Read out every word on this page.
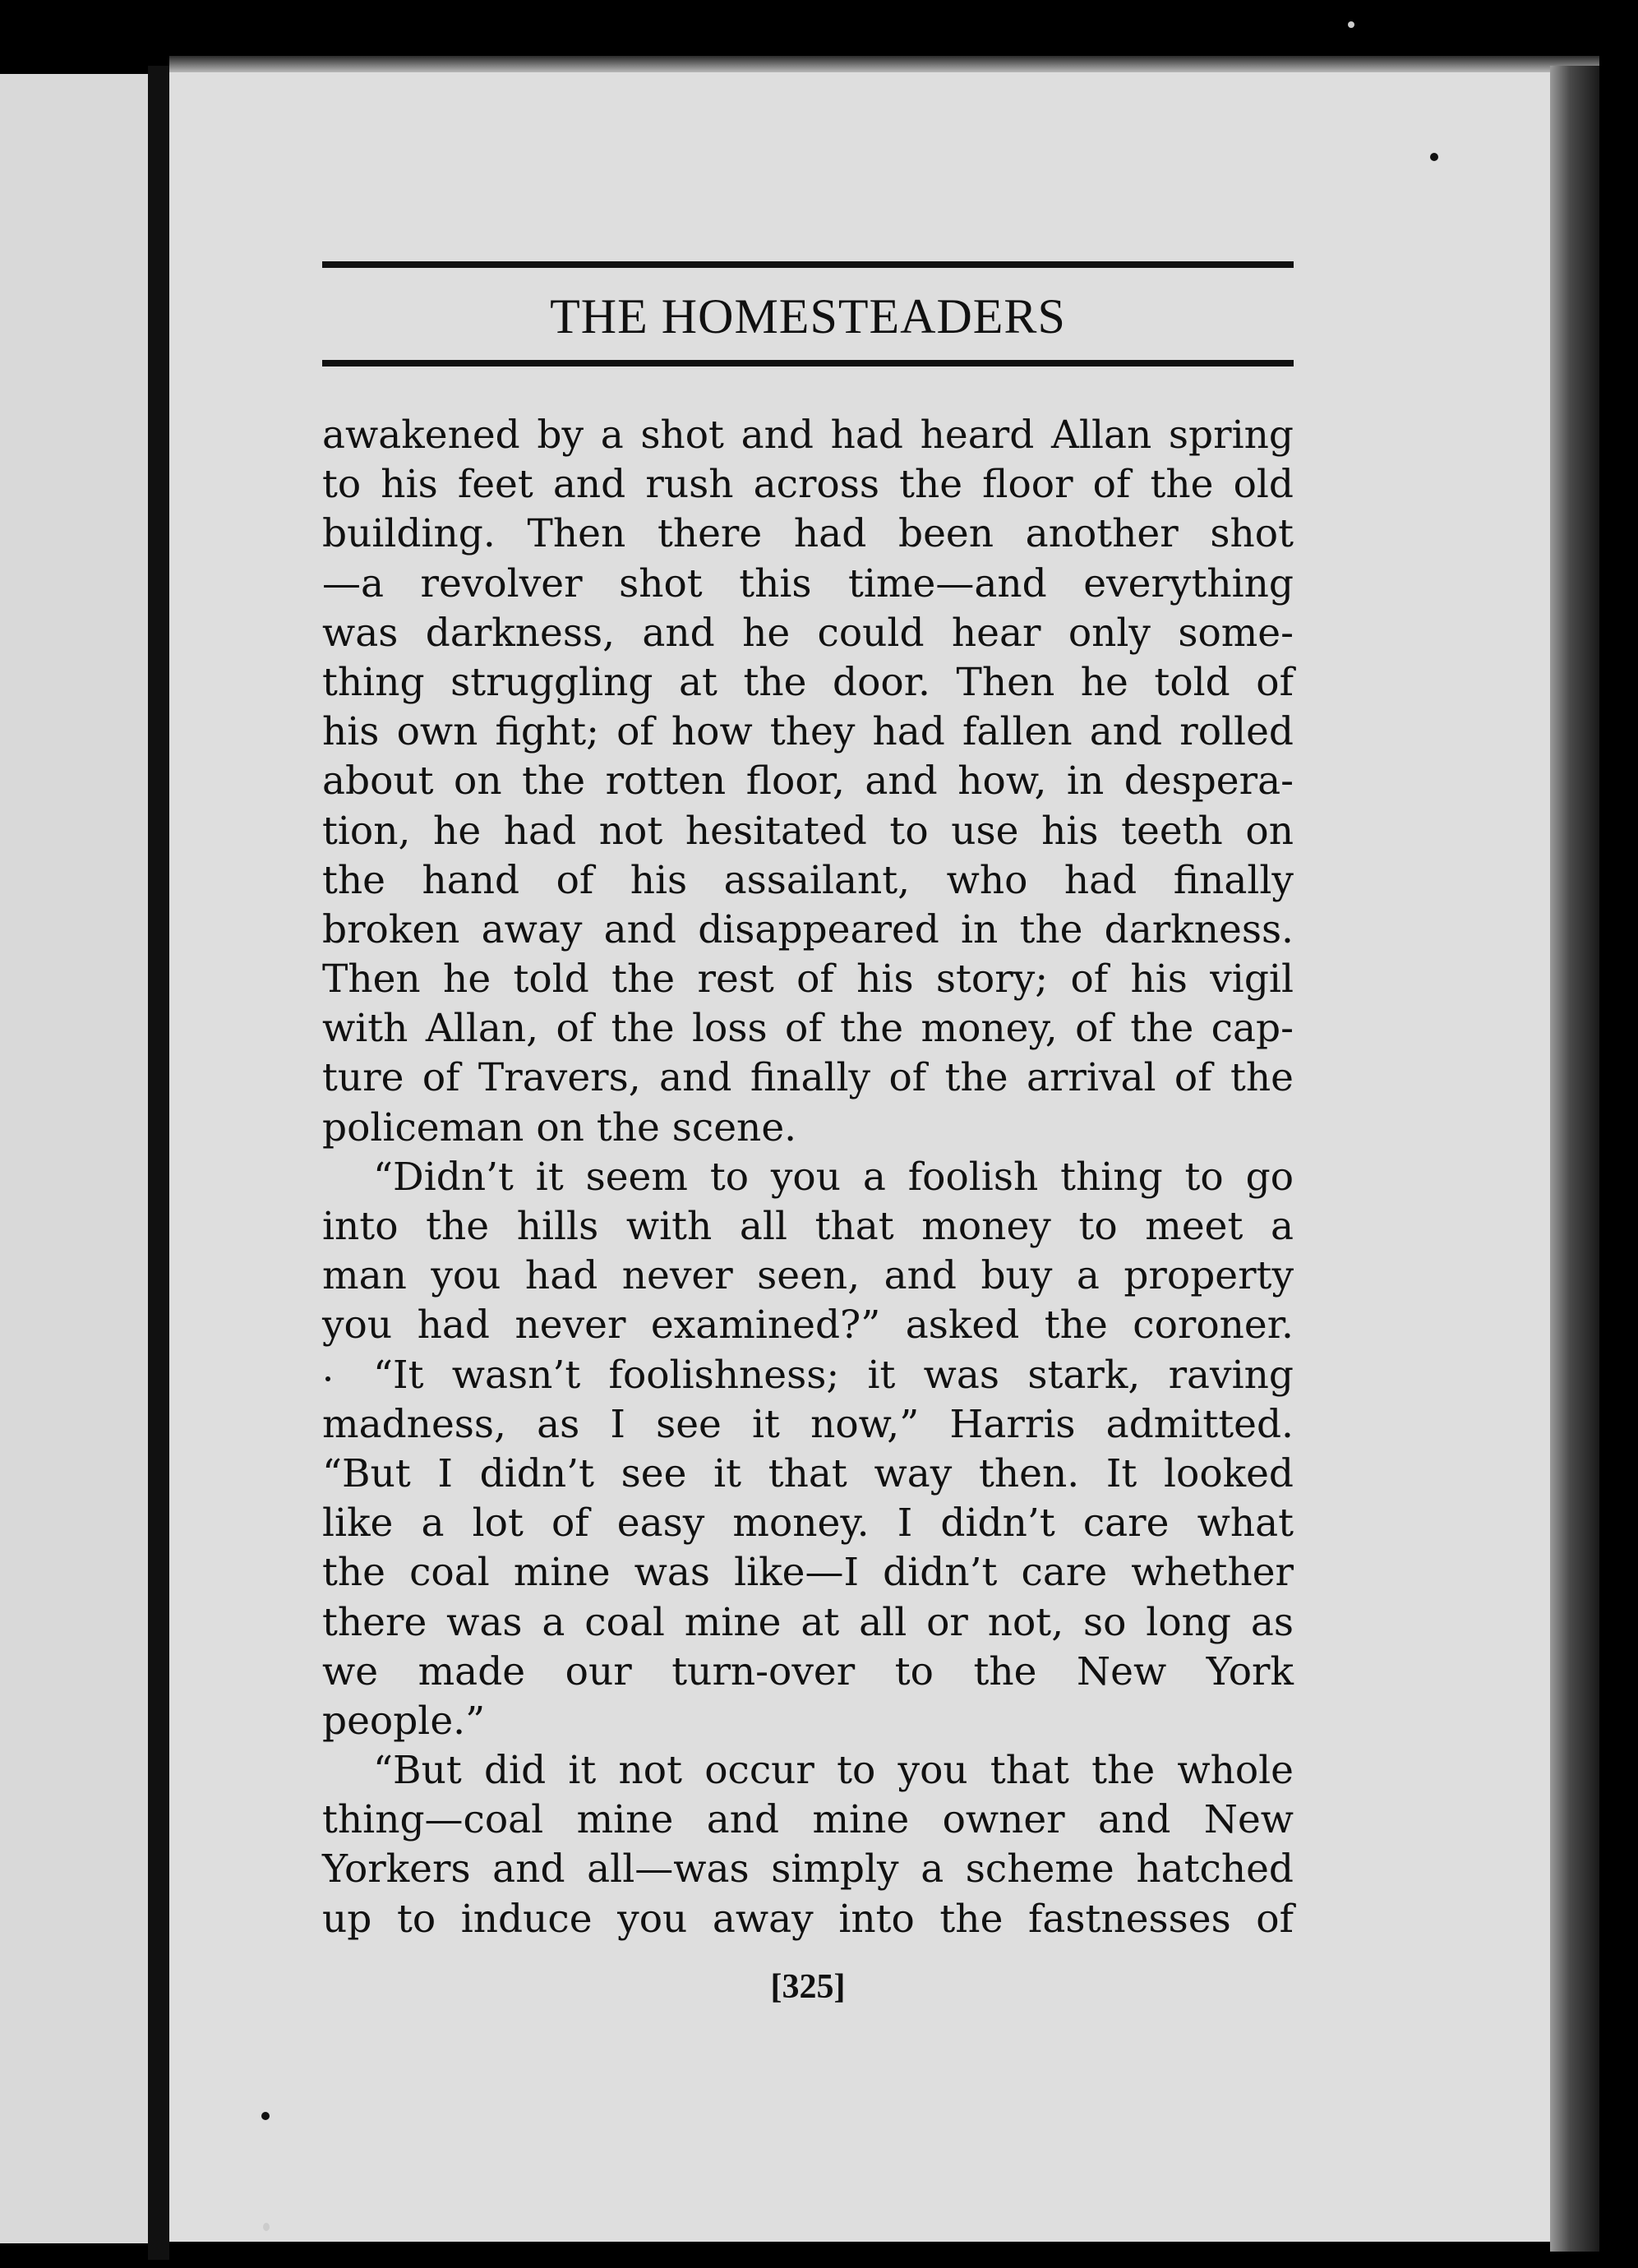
THE HOMESTEADERS
awakened by a shot and had heard Allan spring
to his feet and rush across the floor of the old
building. Then there had been another shot
—a revolver shot this time—and everything
was darkness, and he could hear only some-
thing struggling at the door. Then he told of
his own fight; of how they had fallen and rolled
about on the rotten floor, and how, in despera-
tion, he had not hesitated to use his teeth on
the hand of his assailant, who had finally
broken away and disappeared in the darkness.
Then he told the rest of his story; of his vigil
with Allan, of the loss of the money, of the cap-
ture of Travers, and finally of the arrival of the
policeman on the scene.
“Didn’t it seem to you a foolish thing to go
into the hills with all that money to meet a
man you had never seen, and buy a property
you had never examined?” asked the coroner.
“It wasn’t foolishness; it was stark, raving
madness, as I see it now,” Harris admitted.
“But I didn’t see it that way then. It looked
like a lot of easy money. I didn’t care what
the coal mine was like—I didn’t care whether
there was a coal mine at all or not, so long as
we made our turn-over to the New York
people.”
“But did it not occur to you that the whole
thing—coal mine and mine owner and New
Yorkers and all—was simply a scheme hatched
up to induce you away into the fastnesses of
[325]
